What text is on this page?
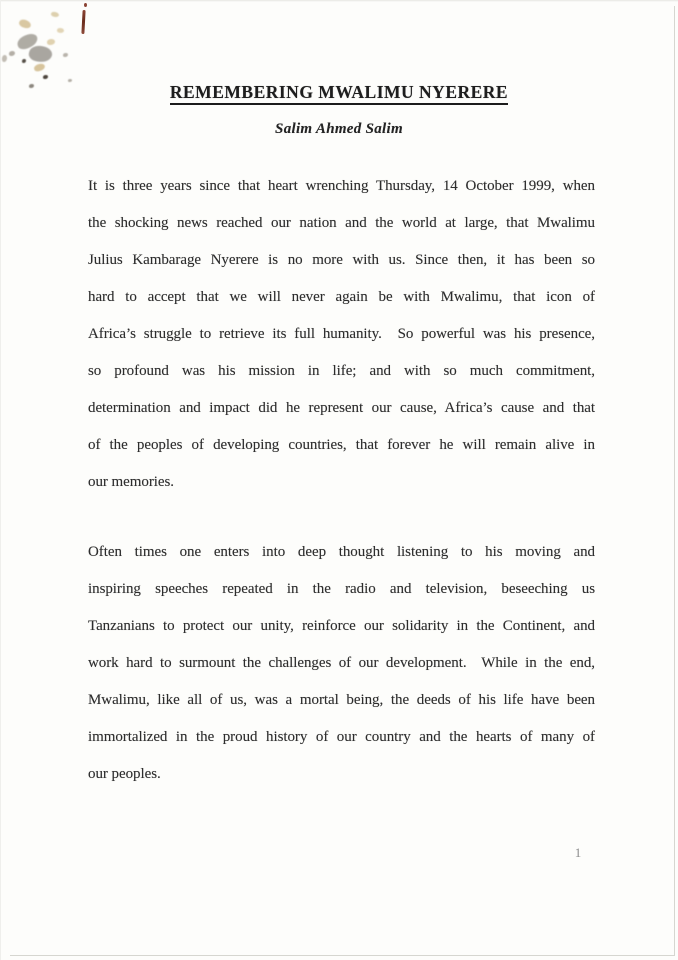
REMEMBERING MWALIMU NYERERE
Salim Ahmed Salim
It is three years since that heart wrenching Thursday, 14 October 1999, when
the shocking news reached our nation and the world at large, that Mwalimu
Julius Kambarage Nyerere is no more with us. Since then, it has been so
hard to accept that we will never again be with Mwalimu, that icon of
Africa’s struggle to retrieve its full humanity.  So powerful was his presence,
so profound was his mission in life; and with so much commitment,
determination and impact did he represent our cause, Africa’s cause and that
of the peoples of developing countries, that forever he will remain alive in
our memories.
Often times one enters into deep thought listening to his moving and
inspiring speeches repeated in the radio and television, beseeching us
Tanzanians to protect our unity, reinforce our solidarity in the Continent, and
work hard to surmount the challenges of our development.  While in the end,
Mwalimu, like all of us, was a mortal being, the deeds of his life have been
immortalized in the proud history of our country and the hearts of many of
our peoples.
1
